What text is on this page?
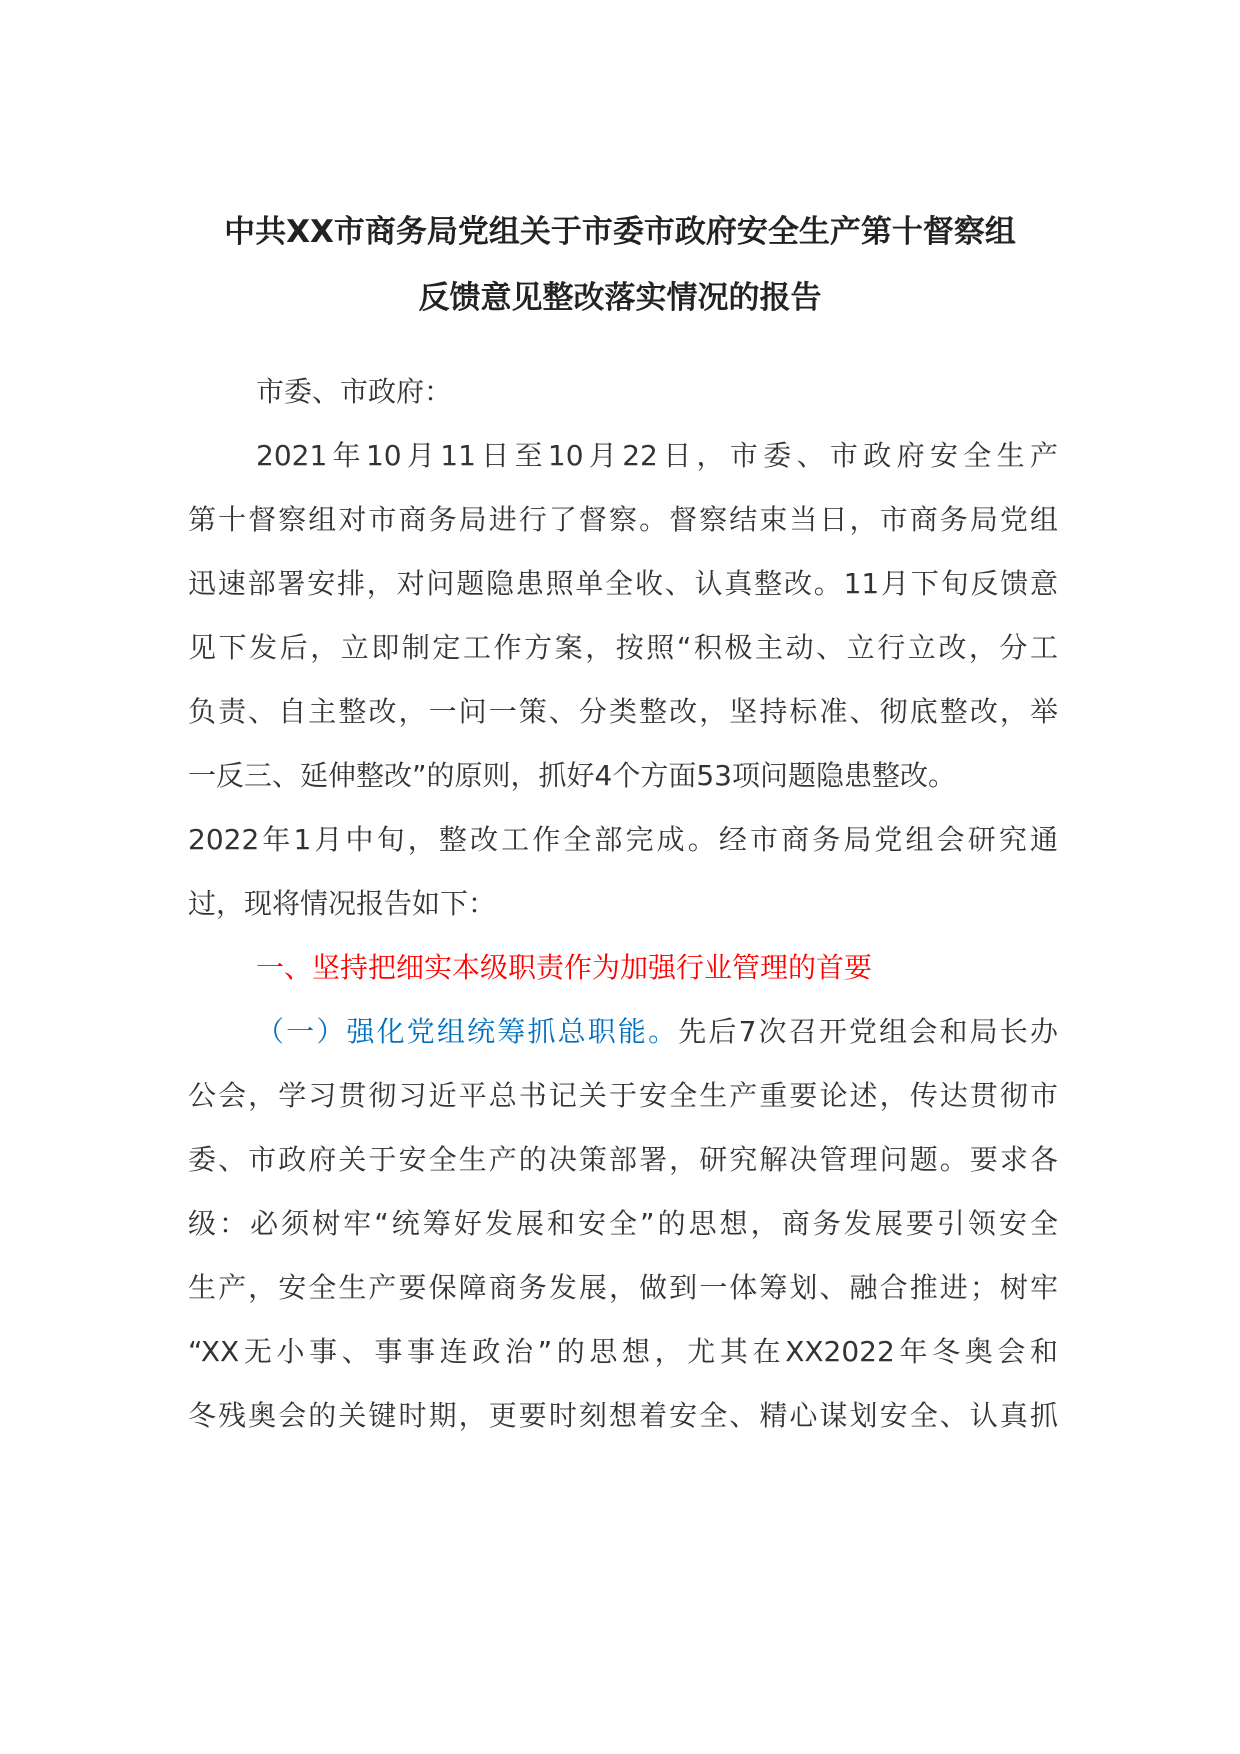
中共XX市商务局党组关于市委市政府安全生产第十督察组
反馈意见整改落实情况的报告
市委、市政府：
2021年10月11日至10月22日，市委、市政府安全生产
第十督察组对市商务局进行了督察。督察结束当日，市商务局党组
迅速部署安排，对问题隐患照单全收、认真整改。11月下旬反馈意
见下发后，立即制定工作方案，按照“积极主动、立行立改，分工
负责、自主整改，一问一策、分类整改，坚持标准、彻底整改，举
一反三、延伸整改”的原则，抓好4个方面53项问题隐患整改。
2022年1月中旬，整改工作全部完成。经市商务局党组会研究通
过，现将情况报告如下：
一、坚持把细实本级职责作为加强行业管理的首要
（一）强化党组统筹抓总职能。先后7次召开党组会和局长办
公会，学习贯彻习近平总书记关于安全生产重要论述，传达贯彻市
委、市政府关于安全生产的决策部署，研究解决管理问题。要求各
级：必须树牢“统筹好发展和安全”的思想，商务发展要引领安全
生产，安全生产要保障商务发展，做到一体筹划、融合推进；树牢
“XX无小事、事事连政治”的思想，尤其在XX2022年冬奥会和
冬残奥会的关键时期，更要时刻想着安全、精心谋划安全、认真抓
